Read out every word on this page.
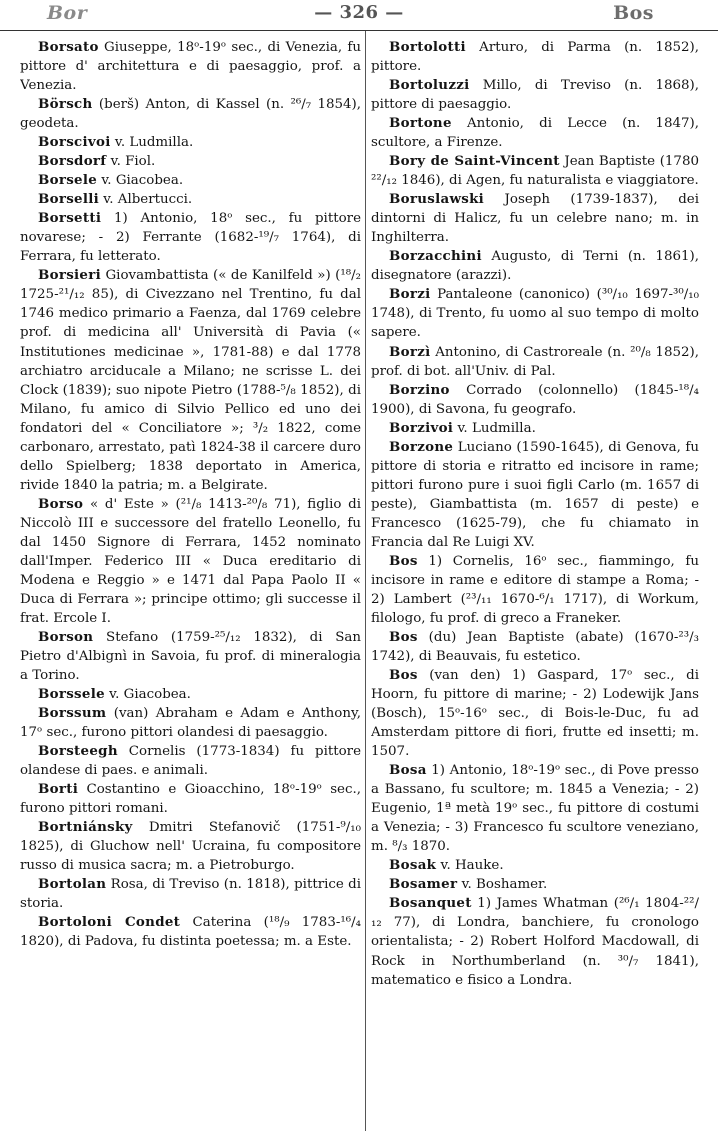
Bor	— 326 —	Bos

Borsato Giuseppe, 18ᵒ-19ᵒ sec., di Venezia, fu pittore d' architettura e di paesaggio, prof. a Venezia.

Börsch (berš) Anton, di Kassel (n. ²⁶/₇ 1854), geodeta.

Borscivoi v. Ludmilla.

Borsdorf v. Fiol.

Borsele v. Giacobea.

Borselli v. Albertucci.

Borsetti 1) Antonio, 18ᵒ sec., fu pittore novarese; - 2) Ferrante (1682-¹⁹/₇ 1764), di Ferrara, fu letterato.

Borsieri Giovambattista (« de Kanilfeld ») (¹⁸/₂ 1725-²¹/₁₂ 85), di Civezzano nel Trentino, fu dal 1746 medico primario a Faenza, dal 1769 celebre prof. di medicina all' Università di Pavia (« Institutiones medicinae », 1781-88) e dal 1778 archiatro arciducale a Milano; ne scrisse L. dei Clock (1839); suo nipote Pietro (1788-⁵/₈ 1852), di Milano, fu amico di Silvio Pellico ed uno dei fondatori del « Conciliatore »; ³/₂ 1822, come carbonaro, arrestato, patì 1824-38 il carcere duro dello Spielberg; 1838 deportato in America, rivide 1840 la patria; m. a Belgirate.

Borso « d' Este » (²¹/₈ 1413-²⁰/₈ 71), figlio di Niccolò III e successore del fratello Leonello, fu dal 1450 Signore di Ferrara, 1452 nominato dall'Imper. Federico III « Duca ereditario di Modena e Reggio » e 1471 dal Papa Paolo II « Duca di Ferrara »; principe ottimo; gli successe il frat. Ercole I.

Borson Stefano (1759-²⁵/₁₂ 1832), di San Pietro d'Albignì in Savoia, fu prof. di mineralogia a Torino.

Borssele v. Giacobea.

Borssum (van) Abraham e Adam e Anthony, 17ᵒ sec., furono pittori olandesi di paesaggio.

Borsteegh Cornelis (1773-1834) fu pittore olandese di paes. e animali.

Borti Costantino e Gioacchino, 18ᵒ-19ᵒ sec., furono pittori romani.

Bortniánsky Dmitri Stefanovič (1751-⁹/₁₀ 1825), di Gluchow nell' Ucraina, fu compositore russo di musica sacra; m. a Pietroburgo.

Bortolan Rosa, di Treviso (n. 1818), pittrice di storia.

Bortoloni Condet Caterina (¹⁸/₉ 1783-¹⁶/₄ 1820), di Padova, fu distinta poetessa; m. a Este.

Bortolotti Arturo, di Parma (n. 1852), pittore.

Bortoluzzi Millo, di Treviso (n. 1868), pittore di paesaggio.

Bortone Antonio, di Lecce (n. 1847), scultore, a Firenze.

Bory de Saint-Vincent Jean Baptiste (1780 ²²/₁₂ 1846), di Agen, fu naturalista e viaggiatore.

Boruslawski Joseph (1739-1837), dei dintorni di Halicz, fu un celebre nano; m. in Inghilterra.

Borzacchini Augusto, di Terni (n. 1861), disegnatore (arazzi).

Borzi Pantaleone (canonico) (³⁰/₁₀ 1697-³⁰/₁₀ 1748), di Trento, fu uomo al suo tempo di molto sapere.

Borzì Antonino, di Castroreale (n. ²⁰/₈ 1852), prof. di bot. all'Univ. di Pal.

Borzino Corrado (colonnello) (1845-¹⁸/₄ 1900), di Savona, fu geografo.

Borzivoi v. Ludmilla.

Borzone Luciano (1590-1645), di Genova, fu pittore di storia e ritratto ed incisore in rame; pittori furono pure i suoi figli Carlo (m. 1657 di peste), Giambattista (m. 1657 di peste) e Francesco (1625-79), che fu chiamato in Francia dal Re Luigi XV.

Bos 1) Cornelis, 16ᵒ sec., fiammingo, fu incisore in rame e editore di stampe a Roma; - 2) Lambert (²³/₁₁ 1670-⁶/₁ 1717), di Workum, filologo, fu prof. di greco a Franeker.

Bos (du) Jean Baptiste (abate) (1670-²³/₃ 1742), di Beauvais, fu estetico.

Bos (van den) 1) Gaspard, 17ᵒ sec., di Hoorn, fu pittore di marine; - 2) Lodewijk Jans (Bosch), 15ᵒ-16ᵒ sec., di Bois-le-Duc, fu ad Amsterdam pittore di fiori, frutte ed insetti; m. 1507.

Bosa 1) Antonio, 18ᵒ-19ᵒ sec., di Pove presso a Bassano, fu scultore; m. 1845 a Venezia; - 2) Eugenio, 1ª metà 19ᵒ sec., fu pittore di costumi a Venezia; - 3) Francesco fu scultore veneziano, m. ⁸/₃ 1870.

Bosak v. Hauke.

Bosamer v. Boshamer.

Bosanquet 1) James Whatman (²⁶/₁ 1804-²²/₁₂ 77), di Londra, banchiere, fu cronologo orientalista; - 2) Robert Holford Macdowall, di Rock in Northumberland (n. ³⁰/₇ 1841), matematico e fisico a Londra.
